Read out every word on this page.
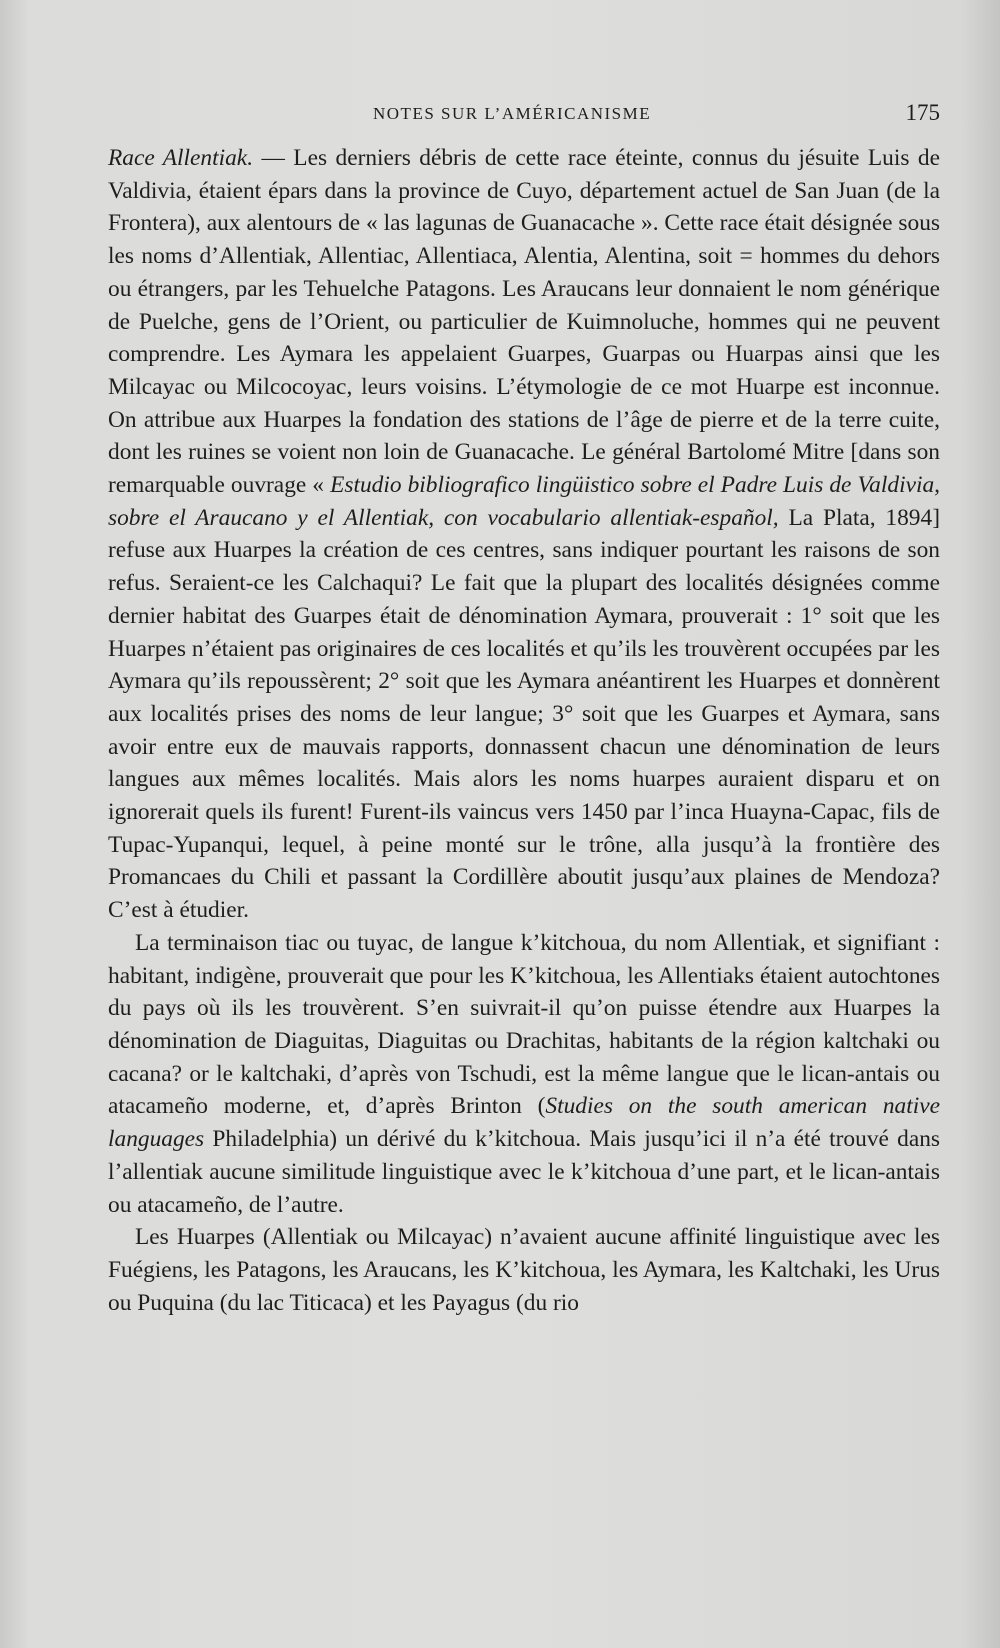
NOTES SUR L’AMÉRICANISME	175

Race Allentiak. — Les derniers débris de cette race éteinte, connus du jésuite Luis de Valdivia, étaient épars dans la province de Cuyo, département actuel de San Juan (de la Frontera), aux alentours de « las lagunas de Guanacache ». Cette race était désignée sous les noms d’Allentiak, Allentiac, Allentiaca, Alentia, Alentina, soit = hommes du dehors ou étrangers, par les Tehuelche Patagons. Les Araucans leur donnaient le nom générique de Puelche, gens de l’Orient, ou particulier de Kuimnoluche, hommes qui ne peuvent comprendre. Les Aymara les appelaient Guarpes, Guarpas ou Huarpas ainsi que les Milcayac ou Milcocoyac, leurs voisins. L’étymologie de ce mot Huarpe est inconnue. On attribue aux Huarpes la fondation des stations de l’âge de pierre et de la terre cuite, dont les ruines se voient non loin de Guanacache. Le général Bartolomé Mitre [dans son remarquable ouvrage « Estudio bibliografico lingüistico sobre el Padre Luis de Valdivia, sobre el Araucano y el Allentiak, con vocabulario allentiak-español, La Plata, 1894] refuse aux Huarpes la création de ces centres, sans indiquer pourtant les raisons de son refus. Seraient-ce les Calchaqui? Le fait que la plupart des localités désignées comme dernier habitat des Guarpes était de dénomination Aymara, prouverait : 1° soit que les Huarpes n’étaient pas originaires de ces localités et qu’ils les trouvèrent occupées par les Aymara qu’ils repoussèrent; 2° soit que les Aymara anéantirent les Huarpes et donnèrent aux localités prises des noms de leur langue; 3° soit que les Guarpes et Aymara, sans avoir entre eux de mauvais rapports, donnassent chacun une dénomination de leurs langues aux mêmes localités. Mais alors les noms huarpes auraient disparu et on ignorerait quels ils furent! Furent-ils vaincus vers 1450 par l’inca Huayna-Capac, fils de Tupac-Yupanqui, lequel, à peine monté sur le trône, alla jusqu’à la frontière des Promancaes du Chili et passant la Cordillère aboutit jusqu’aux plaines de Mendoza? C’est à étudier.

La terminaison tiac ou tuyac, de langue k’kitchoua, du nom Allentiak, et signifiant : habitant, indigène, prouverait que pour les K’kitchoua, les Allentiaks étaient autochtones du pays où ils les trouvèrent. S’en suivrait-il qu’on puisse étendre aux Huarpes la dénomination de Diaguitas, Diaguitas ou Drachitas, habitants de la région kaltchaki ou cacana? or le kaltchaki, d’après von Tschudi, est la même langue que le lican-antais ou atacameño moderne, et, d’après Brinton (Studies on the south american native languages Philadelphia) un dérivé du k’kitchoua. Mais jusqu’ici il n’a été trouvé dans l’allentiak aucune similitude linguistique avec le k’kitchoua d’une part, et le lican-antais ou atacameño, de l’autre.

Les Huarpes (Allentiak ou Milcayac) n’avaient aucune affinité linguistique avec les Fuégiens, les Patagons, les Araucans, les K’kitchoua, les Aymara, les Kaltchaki, les Urus ou Puquina (du lac Titicaca) et les Payagus (du rio
